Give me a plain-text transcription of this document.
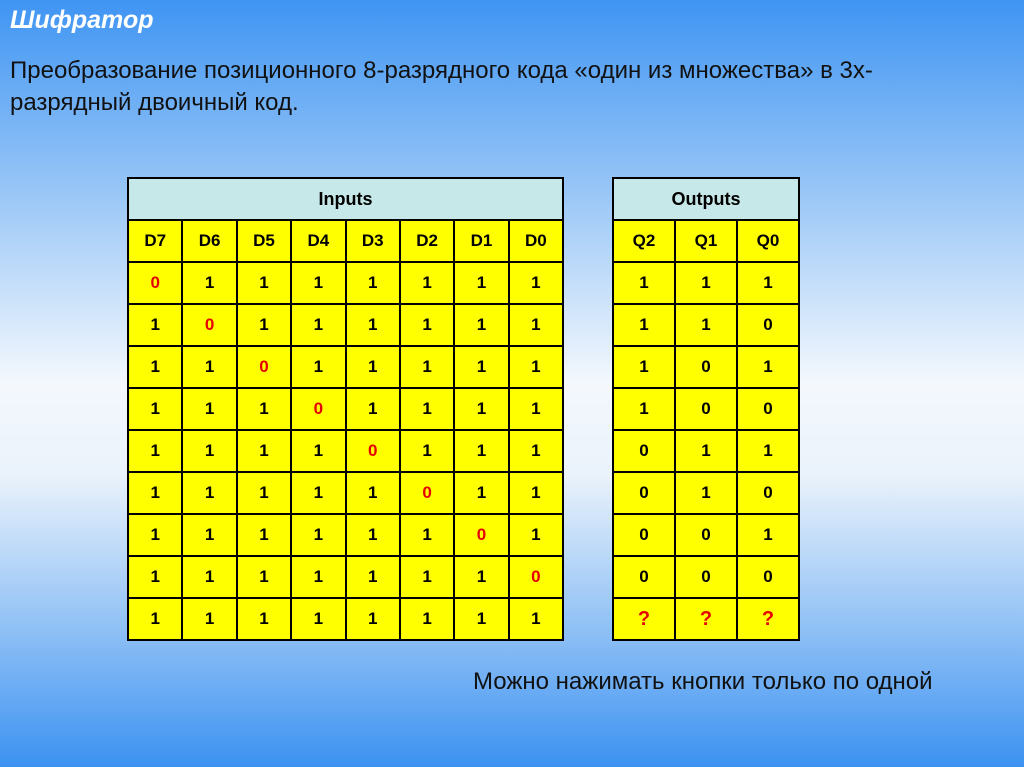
Шифратор

Преобразование позиционного 8-разрядного кода «один из множества» в 3х-разрядный двоичный код.

Inputs							
D7	D6	D5	D4	D3	D2	D1	D0
0	1	1	1	1	1	1	1
1	0	1	1	1	1	1	1
1	1	0	1	1	1	1	1
1	1	1	0	1	1	1	1
1	1	1	1	0	1	1	1
1	1	1	1	1	0	1	1
1	1	1	1	1	1	0	1
1	1	1	1	1	1	1	0
1	1	1	1	1	1	1	1
Outputs		
Q2	Q1	Q0
1	1	1
1	1	0
1	0	1
1	0	0
0	1	1
0	1	0
0	0	1
0	0	0
?	?	?

Можно нажимать кнопки только по одной
